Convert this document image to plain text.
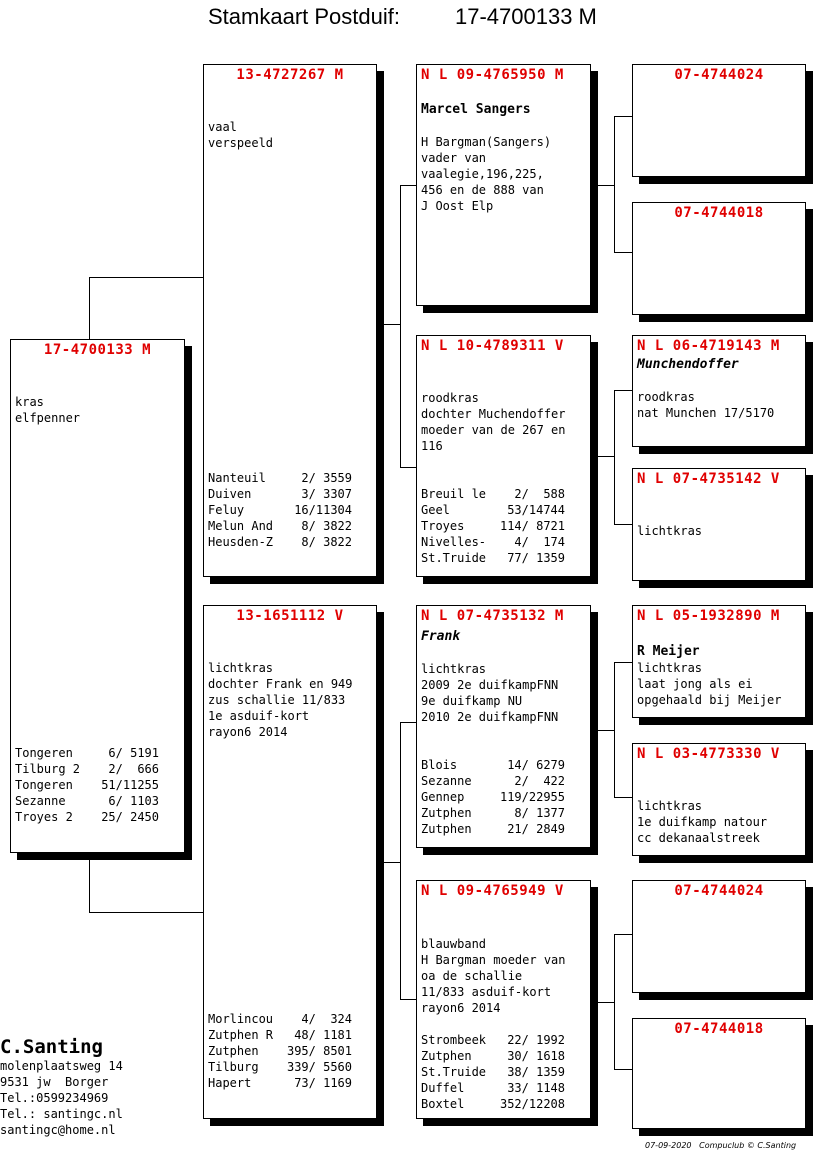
Stamkaart Postduif:	17-4700133 M
17-4700133 M
kras
elfpenner
Tongeren	6/ 5191
Tilburg 2 2/  666
Tongeren 51/11255
Sezanne	6/ 1103
Troyes 2 25/ 2450
13-4727267 M
vaal
verspeeld
Nanteuil	2/ 3559
Duiven	3/ 3307
Feluy	16/11304
Melun And 8/ 3822
Heusden-Z 8/ 3822
13-1651112 V
lichtkras
dochter Frank en 949
zus schallie 11/833
1e asduif-kort
rayon6 2014
Morlincou 4/  324
Zutphen R 48/ 1181
Zutphen 395/ 8501
Tilburg 339/ 5560
Hapert	73/ 1169
N L 09-4765950 M
Marcel Sangers
H Bargman(Sangers)
vader van
vaalegie,196,225,
456 en de 888 van
J Oost Elp
N L 10-4789311 V
roodkras
dochter Muchendoffer
moeder van de 267 en
116
Breuil le 2/  588
Geel	53/14744
Troyes	114/ 8721
Nivelles- 4/  174
St.Truide 77/ 1359
N L 07-4735132 M
Frank
lichtkras
2009 2e duifkampFNN
9e duifkamp NU
2010 2e duifkampFNN
Blois	14/ 6279
Sezanne	2/  422
Gennep	119/22955
Zutphen	8/ 1377
Zutphen	21/ 2849
N L 09-4765949 V
blauwband
H Bargman moeder van
oa de schallie
11/833 asduif-kort
rayon6 2014
Strombeek 22/ 1992
Zutphen	30/ 1618
St.Truide 38/ 1359
Duffel	33/ 1148
Boxtel	352/12208
07-4744024
07-4744018
N L 06-4719143 M
Munchendoffer
roodkras
nat Munchen 17/5170
N L 07-4735142 V
lichtkras
N L 05-1932890 M
R Meijer
lichtkras
laat jong als ei
opgehaald bij Meijer
N L 03-4773330 V
lichtkras
1e duifkamp natour
cc dekanaalstreek
07-4744024
07-4744018
C.Santing
molenplaatsweg 14
9531 jw  Borger
Tel.:0599234969
Tel.: santingc.nl
santingc@home.nl
07-09-2020   Compuclub © C.Santing
